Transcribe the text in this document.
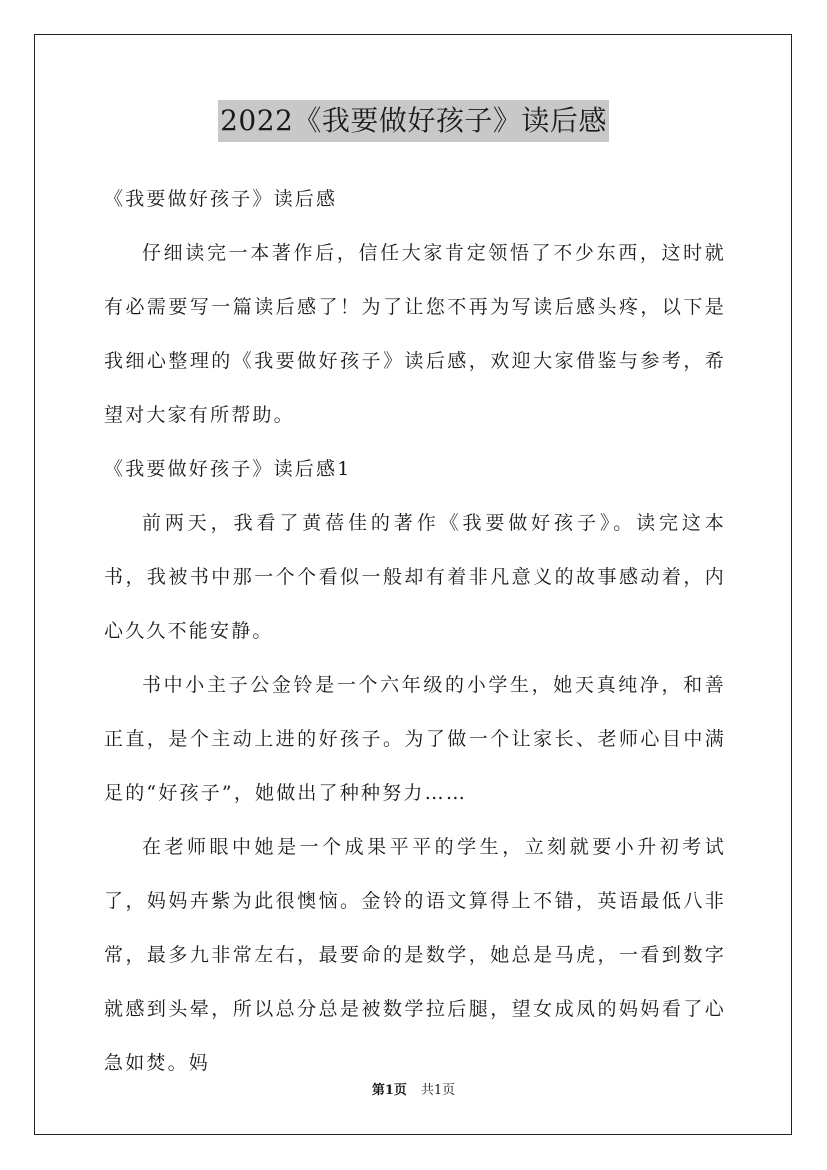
2022《我要做好孩子》读后感

《我要做好孩子》读后感

仔细读完一本著作后，信任大家肯定领悟了不少东西，这时就有必需要写一篇读后感了！为了让您不再为写读后感头疼，以下是我细心整理的《我要做好孩子》读后感，欢迎大家借鉴与参考，希望对大家有所帮助。

《我要做好孩子》读后感1

前两天，我看了黄蓓佳的著作《我要做好孩子》。读完这本书，我被书中那一个个看似一般却有着非凡意义的故事感动着，内心久久不能安静。

书中小主子公金铃是一个六年级的小学生，她天真纯净，和善正直，是个主动上进的好孩子。为了做一个让家长、老师心目中满足的“好孩子”，她做出了种种努力……

在老师眼中她是一个成果平平的学生，立刻就要小升初考试了，妈妈卉紫为此很懊恼。金铃的语文算得上不错，英语最低八非常，最多九非常左右，最要命的是数学，她总是马虎，一看到数字就感到头晕，所以总分总是被数学拉后腿，望女成凤的妈妈看了心急如焚。妈

第1页 共1页
